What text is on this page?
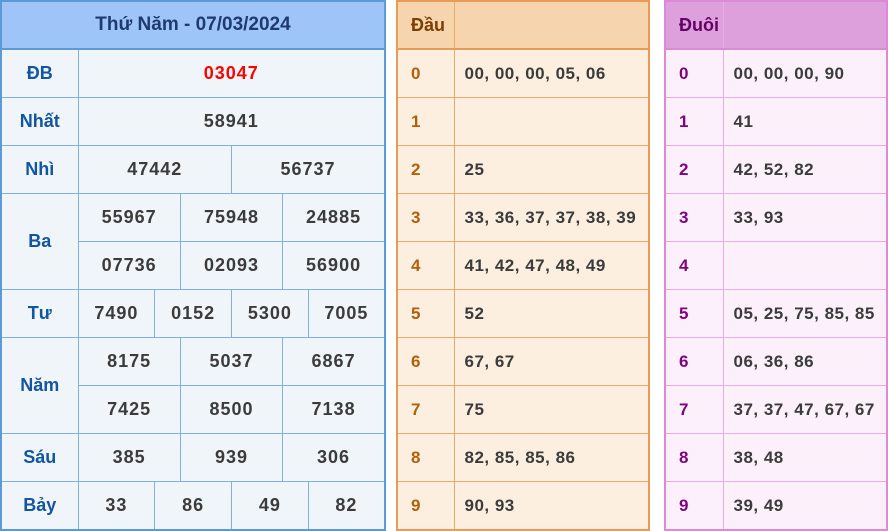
Thứ Năm - 07/03/2024						
ĐB	03047					
Nhất	58941					
Nhì	47442			56737		
Ba	55967		75948		24885	
	07736		02093		56900	
Tư	7490	0152		5300		7005
Năm	8175		5037		6867	
	7425		8500		7138	
Sáu	385		939		306	
Bảy	33	86		49		82
Đầu	
0	00, 00, 00, 05, 06
1	
2	25
3	33, 36, 37, 37, 38, 39
4	41, 42, 47, 48, 49
5	52
6	67, 67
7	75
8	82, 85, 85, 86
9	90, 93
Đuôi	
0	00, 00, 00, 90
1	41
2	42, 52, 82
3	33, 93
4	
5	05, 25, 75, 85, 85
6	06, 36, 86
7	37, 37, 47, 67, 67
8	38, 48
9	39, 49
